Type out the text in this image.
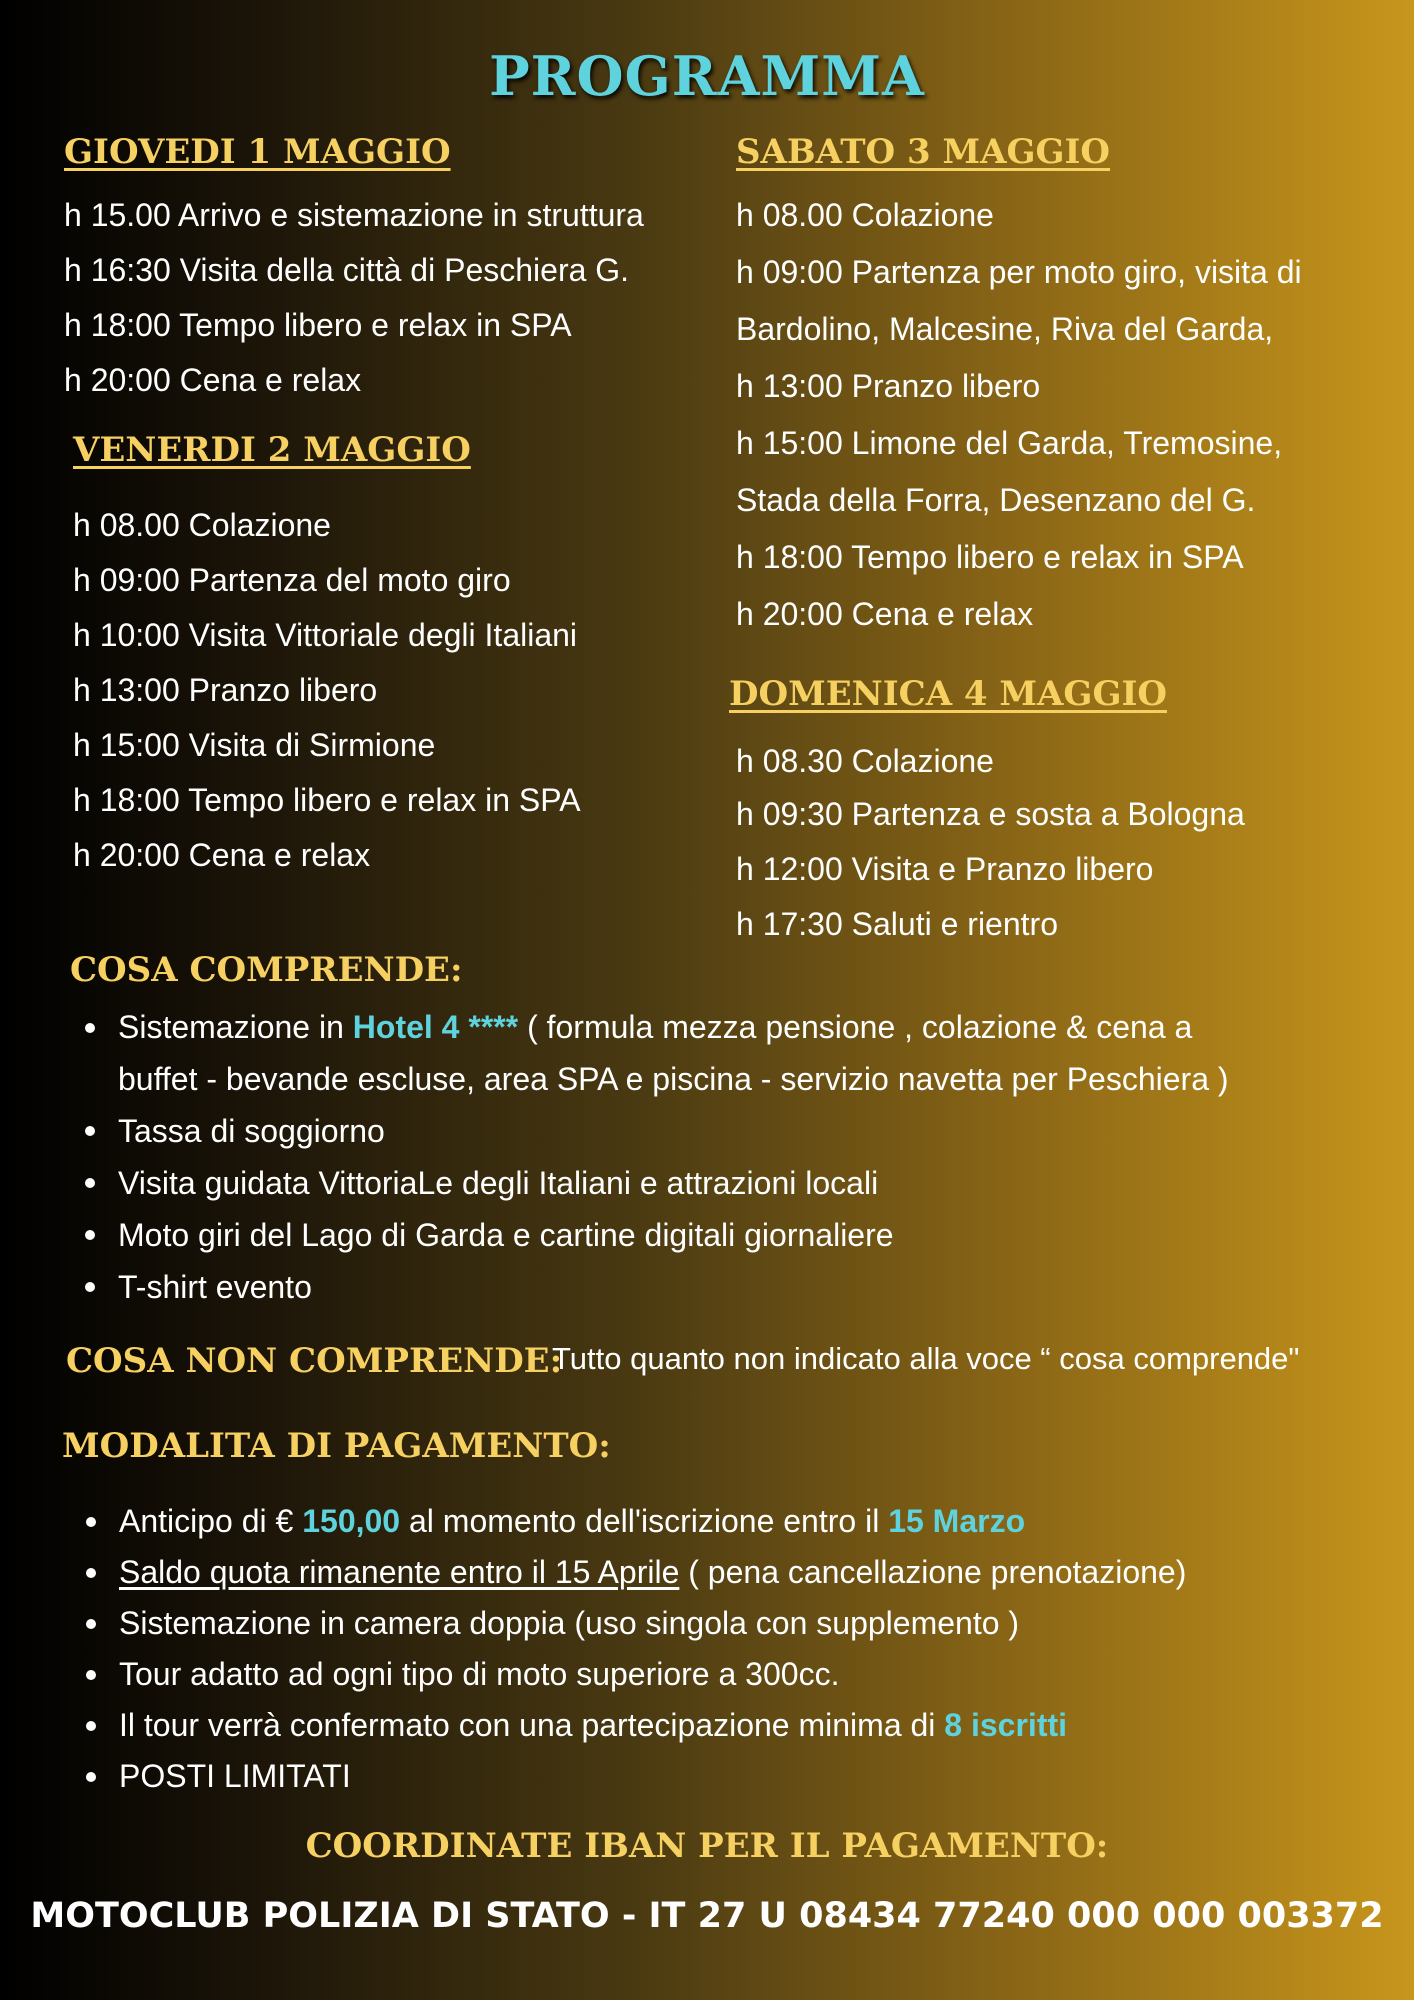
PROGRAMMA
GIOVEDI 1 MAGGIO
h 15.00 Arrivo e sistemazione in struttura
h 16:30 Visita della città di Peschiera G.
h 18:00 Tempo libero e relax in SPA
h 20:00 Cena e relax
VENERDI 2 MAGGIO
h 08.00 Colazione
h 09:00 Partenza del moto giro
h 10:00 Visita Vittoriale degli Italiani
h 13:00 Pranzo libero
h 15:00 Visita di Sirmione
h 18:00 Tempo libero e relax in SPA
h 20:00 Cena e relax
SABATO 3 MAGGIO
h 08.00 Colazione
h 09:00 Partenza per moto giro, visita di
Bardolino, Malcesine, Riva del Garda,
h 13:00 Pranzo libero
h 15:00 Limone del Garda, Tremosine,
Stada della Forra, Desenzano del G.
h 18:00 Tempo libero e relax in SPA
h 20:00 Cena e relax
DOMENICA 4 MAGGIO
h 08.30 Colazione
h 09:30 Partenza e sosta a Bologna
h 12:00 Visita e Pranzo libero
h 17:30 Saluti e rientro
COSA COMPRENDE:
Sistemazione in Hotel 4 **** ( formula mezza pensione , colazione & cena a
buffet - bevande escluse, area SPA e piscina - servizio navetta per Peschiera )
Tassa di soggiorno
Visita guidata VittoriaLe degli Italiani e attrazioni locali
Moto giri del Lago di Garda e cartine digitali giornaliere
T-shirt evento
COSA NON COMPRENDE:
Tutto quanto non indicato alla voce “ cosa comprende"
MODALITA DI PAGAMENTO:
Anticipo di € 150,00 al momento dell'iscrizione entro il 15 Marzo
Saldo quota rimanente entro il 15 Aprile ( pena cancellazione prenotazione)
Sistemazione in camera doppia (uso singola con supplemento )
Tour adatto ad ogni tipo di moto superiore a 300cc.
Il tour verrà confermato con una partecipazione minima di 8 iscritti
POSTI LIMITATI
COORDINATE IBAN PER IL PAGAMENTO:
MOTOCLUB POLIZIA DI STATO - IT 27 U 08434 77240 000 000 003372
